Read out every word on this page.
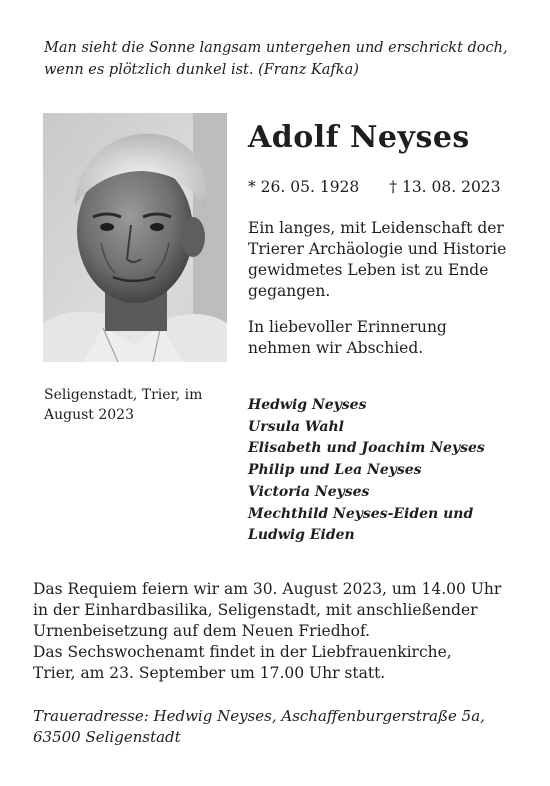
Man sieht die Sonne langsam untergehen und erschrickt doch,
wenn es plötzlich dunkel ist. (Franz Kafka)
Adolf Neyses
* 26. 05. 1928 † 13. 08. 2023
Ein langes, mit Leidenschaft der
Trierer Archäologie und Historie
gewidmetes Leben ist zu Ende
gegangen.
In liebevoller Erinnerung
nehmen wir Abschied.
Seligenstadt, Trier, im
August 2023
Hedwig Neyses
Ursula Wahl
Elisabeth und Joachim Neyses
Philip und Lea Neyses
Victoria Neyses
Mechthild Neyses-Eiden und
Ludwig Eiden
Das Requiem feiern wir am 30. August 2023, um 14.00 Uhr
in der Einhardbasilika, Seligenstadt, mit anschließender
Urnenbeisetzung auf dem Neuen Friedhof.
Das Sechswochenamt findet in der Liebfrauenkirche,
Trier, am 23. September um 17.00 Uhr statt.
Traueradresse: Hedwig Neyses, Aschaffenburgerstraße 5a,
63500 Seligenstadt
